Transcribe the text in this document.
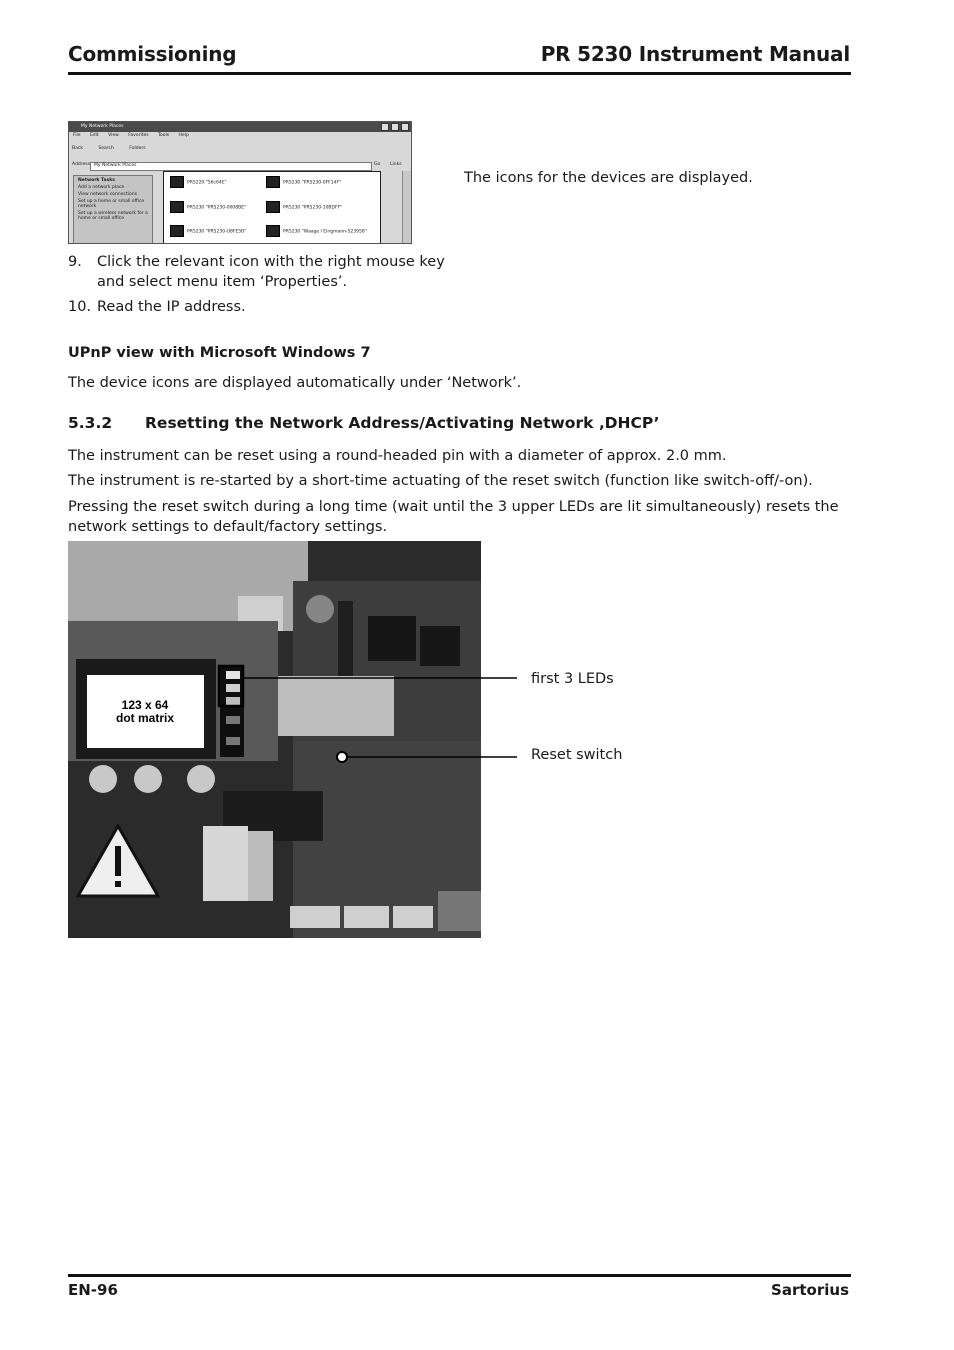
Commissioning	PR 5230 Instrument Manual
My Network Places
File Edit View Favorites Tools Help
Back	Search	Folders
Address My Network Places	Go Links
Network Tasks
Add a network place
View network connections
Set up a home or small office network
Set up a wireless network for a home or small office
PR5220 "56c64E"	PR5230 "PR5230-0FF14F"
PR5230 "PR5230-0008BE"	PR5230 "PR5230-10BDFF"
PR5230 "PR5230-U8FE5B"	PR5230 "Waage I Eingmann-523958"
The icons for the devices are displayed.
9. Click the relevant icon with the right mouse key
and select menu item ‘Properties’.
10. Read the IP address.
UPnP view with Microsoft Windows 7
The device icons are displayed automatically under ‘Network’.
5.3.2 Resetting the Network Address/Activating Network ‚DHCP’
The instrument can be reset using a round-headed pin with a diameter of approx. 2.0 mm.
The instrument is re-started by a short-time actuating of the reset switch (function like switch-off/-on).
Pressing the reset switch during a long time (wait until the 3 upper LEDs are lit simultaneously) resets the
network settings to default/factory settings.
123 x 64
dot matrix
first 3 LEDs
Reset switch
EN-96	Sartorius
